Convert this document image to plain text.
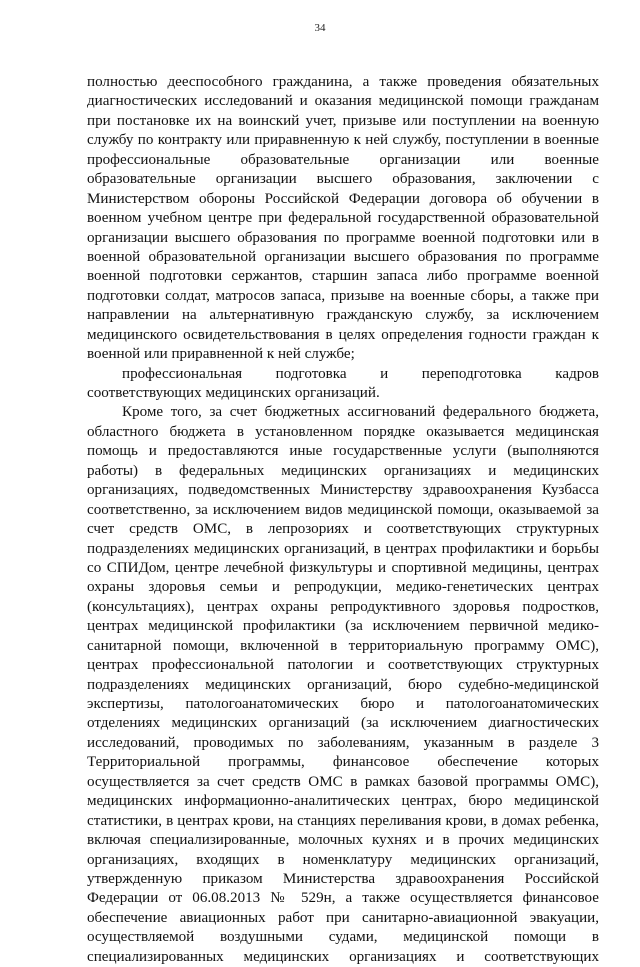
34
полностью дееспособного гражданина, а также проведения обязательных
диагностических исследований и оказания медицинской помощи гражданам
при постановке их на воинский учет, призыве или поступлении на военную
службу по контракту или приравненную к ней службу, поступлении в военные
профессиональные образовательные организации или военные
образовательные организации высшего образования, заключении с
Министерством обороны Российской Федерации договора об обучении в
военном учебном центре при федеральной государственной образовательной
организации высшего образования по программе военной подготовки или в
военной образовательной организации высшего образования по программе
военной подготовки сержантов, старшин запаса либо программе военной
подготовки солдат, матросов запаса, призыве на военные сборы, а также при
направлении на альтернативную гражданскую службу, за исключением
медицинского освидетельствования в целях определения годности граждан к
военной или приравненной к ней службе;
профессиональная подготовка и переподготовка кадров
соответствующих медицинских организаций.
Кроме того, за счет бюджетных ассигнований федерального бюджета,
областного бюджета в установленном порядке оказывается медицинская
помощь и предоставляются иные государственные услуги (выполняются
работы) в федеральных медицинских организациях и медицинских
организациях, подведомственных Министерству здравоохранения Кузбасса
соответственно, за исключением видов медицинской помощи, оказываемой за
счет средств ОМС, в лепрозориях и соответствующих структурных
подразделениях медицинских организаций, в центрах профилактики и борьбы
со СПИДом, центре лечебной физкультуры и спортивной медицины, центрах
охраны здоровья семьи и репродукции, медико-генетических центрах
(консультациях), центрах охраны репродуктивного здоровья подростков,
центрах медицинской профилактики (за исключением первичной медико-
санитарной помощи, включенной в территориальную программу ОМС),
центрах профессиональной патологии и соответствующих структурных
подразделениях медицинских организаций, бюро судебно-медицинской
экспертизы, патологоанатомических бюро и патологоанатомических
отделениях медицинских организаций (за исключением диагностических
исследований, проводимых по заболеваниям, указанным в разделе 3
Территориальной программы, финансовое обеспечение которых
осуществляется за счет средств ОМС в рамках базовой программы ОМС),
медицинских информационно-аналитических центрах, бюро медицинской
статистики, в центрах крови, на станциях переливания крови, в домах ребенка,
включая специализированные, молочных кухнях и в прочих медицинских
организациях, входящих в номенклатуру медицинских организаций,
утвержденную приказом Министерства здравоохранения Российской
Федерации от 06.08.2013 № 529н, а также осуществляется финансовое
обеспечение авиационных работ при санитарно-авиационной эвакуации,
осуществляемой воздушными судами, медицинской помощи в
специализированных медицинских организациях и соответствующих
